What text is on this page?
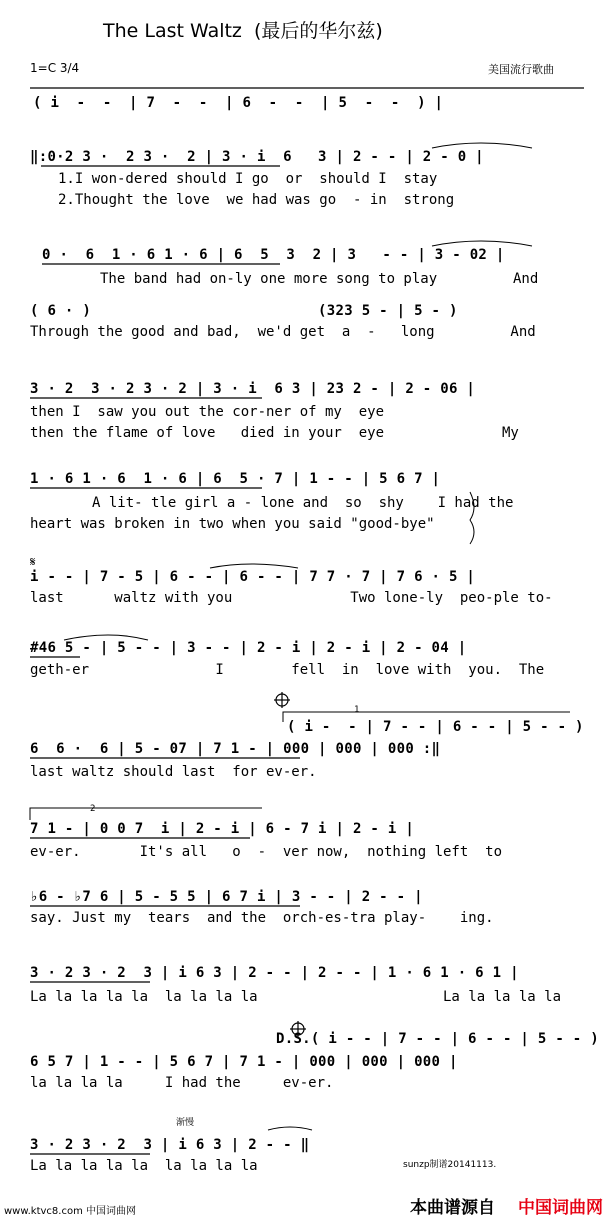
The Last Waltz  (最后的华尔兹)
1=C 3/4	美国流行歌曲
( i  -  -  | 7  -  -  | 6  -  -  | 5  -  -  ) |
‖:0·2 3 ·  2 3 ·  2 | 3 · i  6   3 | 2 - - | 2 - 0 |
1.I won-dered should I go  or  should I  stay
2.Thought the love  we had was go  - in  strong
0 ·  6  1 · 6 1 · 6 | 6  5  3  2 | 3   - - | 3 - 02 |
The band had on-ly one more song to play         And
( 6 · )                          (323 5 - | 5 - )
Through the good and bad,  we'd get  a  -   long         And
3 · 2  3 · 2 3 · 2 | 3 · i  6 3 | 23 2 - | 2 - 06 |
then I  saw you out the cor-ner of my  eye
then the flame of love   died in your  eye              My
1 · 6 1 · 6  1 · 6 | 6  5 · 7 | 1 - - | 5 6 7 |
A lit- tle girl a - lone and  so  shy    I had the
heart was broken in two when you said "good-bye"
i - - | 7 - 5 | 6 - - | 6 - - | 7 7 · 7 | 7 6 · 5 |
last      waltz with you              Two lone-ly  peo-ple to-
#46 5 - | 5 - - | 3 - - | 2 - i | 2 - i | 2 - 04 |
geth-er               I        fell  in  love with  you.  The
( i -  - | 7 - - | 6 - - | 5 - - )
6  6 ·  6 | 5 - 07 | 7 1 - | 000 | 000 | 000 :‖
last waltz should last  for ev-er.
7 1 - | 0 0 7  i | 2 - i | 6 - 7 i | 2 - i |
ev-er.       It's all   o  -  ver now,  nothing left  to
♭6 - ♭7 6 | 5 - 5 5 | 6 7 i | 3 - - | 2 - - |
say. Just my  tears  and the  orch-es-tra play-    ing.
3 · 2 3 · 2  3 | i 6 3 | 2 - - | 2 - - | 1 · 6 1 · 6 1 |
La la la la la  la la la la                      La la la la la
D.S.( i - - | 7 - - | 6 - - | 5 - - )
6 5 7 | 1 - - | 5 6 7 | 7 1 - | 000 | 000 | 000 |
la la la la     I had the     ev-er.
3 · 2 3 · 2  3 | i 6 3 | 2 - - ‖
La la la la la  la la la la
1
2
渐慢
sunzp制谱20141113.
𝄋
www.ktvc8.com 中国词曲网	本曲谱源自 中国词曲网
